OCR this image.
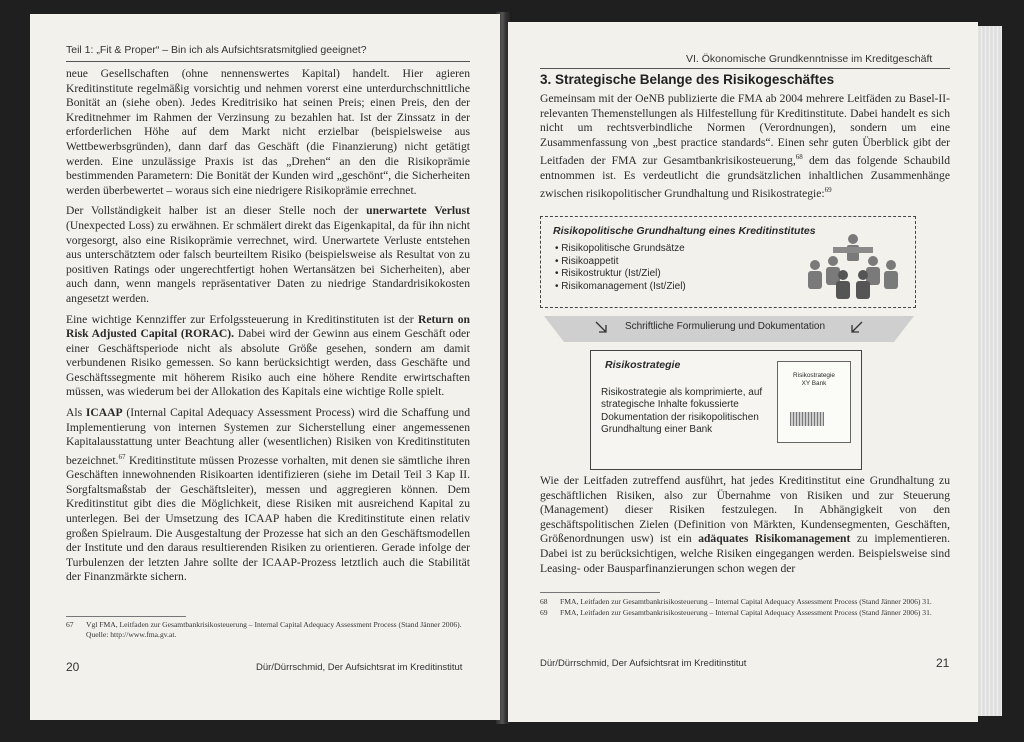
Teil 1: „Fit & Proper“ – Bin ich als Aufsichtsratsmitglied geeignet?

neue Gesellschaften (ohne nennenswertes Kapital) handelt. Hier agieren Kreditinstitute regelmäßig vorsichtig und nehmen vorerst eine unterdurchschnittliche Bonität an (siehe oben). Jedes Kreditrisiko hat seinen Preis; einen Preis, den der Kreditnehmer im Rahmen der Verzinsung zu bezahlen hat. Ist der Zinssatz in der erforderlichen Höhe auf dem Markt nicht erzielbar (beispielsweise aus Wettbewerbsgründen), dann darf das Geschäft (die Finanzierung) nicht getätigt werden. Eine unzulässige Praxis ist das „Drehen“ an den die Risikoprämie bestimmenden Parametern: Die Bonität der Kunden wird „geschönt“, die Sicherheiten werden überbewertet – woraus sich eine niedrigere Risikoprämie errechnet.

Der Vollständigkeit halber ist an dieser Stelle noch der unerwartete Verlust (Unexpected Loss) zu erwähnen. Er schmälert direkt das Eigenkapital, da für ihn nicht vorgesorgt, also eine Risikoprämie verrechnet, wird. Unerwartete Verluste entstehen aus unterschätztem oder falsch beurteiltem Risiko (beispielsweise als Resultat von zu positiven Ratings oder ungerechtfertigt hohen Wertansätzen bei Sicherheiten), aber auch dann, wenn mangels repräsentativer Daten zu niedrige Standardrisikokosten angesetzt werden.

Eine wichtige Kennziffer zur Erfolgssteuerung in Kreditinstituten ist der Return on Risk Adjusted Capital (RORAC). Dabei wird der Gewinn aus einem Geschäft oder einer Geschäftsperiode nicht als absolute Größe gesehen, sondern am damit verbundenen Risiko gemessen. So kann berücksichtigt werden, dass Geschäfte und Geschäftssegmente mit höherem Risiko auch eine höhere Rendite erwirtschaften müssen, was wiederum bei der Allokation des Kapitals eine wichtige Rolle spielt.

Als ICAAP (Internal Capital Adequacy Assessment Process) wird die Schaffung und Implementierung von internen Systemen zur Sicherstellung einer angemessenen Kapitalausstattung unter Beachtung aller (wesentlichen) Risiken von Kreditinstituten bezeichnet.$^{67}$ Kreditinstitute müssen Prozesse vorhalten, mit denen sie sämtliche ihren Geschäften innewohnenden Risikoarten identifizieren (siehe im Detail Teil 3 Kap II. Sorgfaltsmaßstab der Geschäftsleiter), messen und aggregieren können. Dem Kreditinstitut gibt dies die Möglichkeit, diese Risiken mit ausreichend Kapital zu unterlegen. Bei der Umsetzung des ICAAP haben die Kreditinstitute einen relativ großen Spielraum. Die Ausgestaltung der Prozesse hat sich an den Geschäftsmodellen der Institute und den daraus resultierenden Risiken zu orientieren. Gerade infolge der Turbulenzen der letzten Jahre sollte der ICAAP-Prozess letztlich auch die Stabilität der Finanzmärkte sichern.

67	Vgl FMA, Leitfaden zur Gesamtbankrisikosteuerung – Internal Capital Adequacy Assessment Process (Stand Jänner 2006). Quelle: http://www.fma.gv.at.
20	Dür/Dürrschmid, Der Aufsichtsrat im Kreditinstitut
VI. Ökonomische Grundkenntnisse im Kreditgeschäft
3. Strategische Belange des Risikogeschäftes

Gemeinsam mit der OeNB publizierte die FMA ab 2004 mehrere Leitfäden zu Basel-II-relevanten Themenstellungen als Hilfestellung für Kreditinstitute. Dabei handelt es sich nicht um rechtsverbindliche Normen (Verordnungen), sondern um eine Zusammenfassung von „best practice standards“. Einen sehr guten Überblick gibt der Leitfaden der FMA zur Gesamtbankrisikosteuerung,$^{68}$ dem das folgende Schaubild entnommen ist. Es verdeutlicht die grundsätzlichen inhaltlichen Zusammenhänge zwischen risikopolitischer Grundhaltung und Risikostrategie:$^{69}$

Risikopolitische Grundhaltung eines Kreditinstitutes
• Risikopolitische Grundsätze
• Risikoappetit
• Risikostruktur (Ist/Ziel)
• Risikomanagement (Ist/Ziel)
Schriftliche Formulierung und Dokumentation
Risikostrategie
Risikostrategie als komprimierte, auf strategische Inhalte fokussierte Dokumentation der risikopolitischen Grundhaltung einer Bank
Risikostrategie
XY Bank

Wie der Leitfaden zutreffend ausführt, hat jedes Kreditinstitut eine Grundhaltung zu geschäftlichen Risiken, also zur Übernahme von Risiken und zur Steuerung (Management) dieser Risiken festzulegen. In Abhängigkeit von den geschäftspolitischen Zielen (Definition von Märkten, Kundensegmenten, Geschäften, Größenordnungen usw) ist ein adäquates Risikomanagement zu implementieren. Dabei ist zu berücksichtigen, welche Risiken eingegangen werden. Beispielsweise sind Leasing- oder Bausparfinanzierungen schon wegen der

68	FMA, Leitfaden zur Gesamtbankrisikosteuerung – Internal Capital Adequacy Assessment Process (Stand Jänner 2006) 31.
69	FMA, Leitfaden zur Gesamtbankrisikosteuerung – Internal Capital Adequacy Assessment Process (Stand Jänner 2006) 31.
Dür/Dürrschmid, Der Aufsichtsrat im Kreditinstitut	21
